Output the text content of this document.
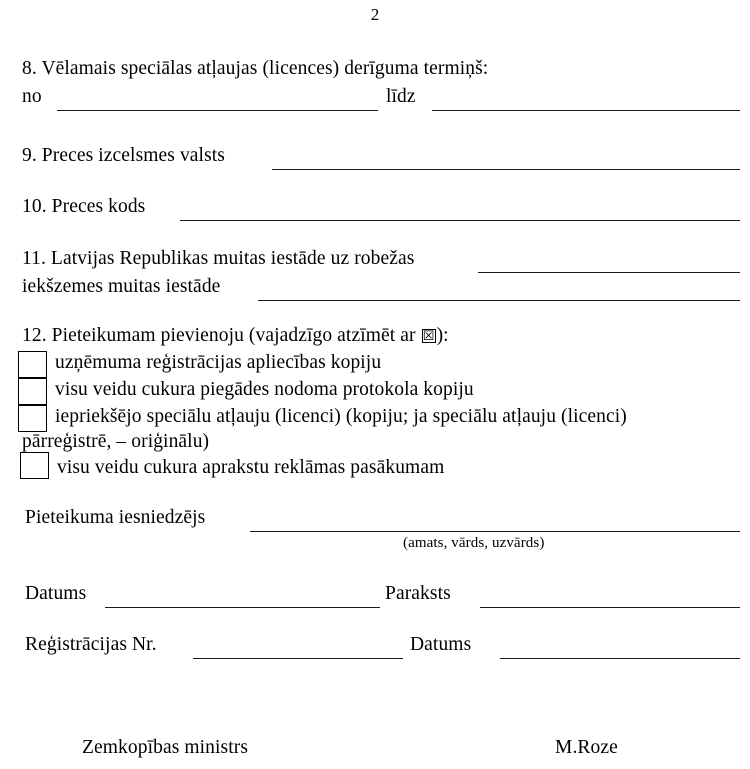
2
8. Vēlamais speciālas atļaujas (licences) derīguma termiņš:
no	līdz
9. Preces izcelsmes valsts
10. Preces kods
11. Latvijas Republikas muitas iestāde uz robežas
iekšzemes muitas iestāde
12. Pieteikumam pievienoju (vajadzīgo atzīmēt ar ☒ ):
uzņēmuma reģistrācijas apliecības kopiju
visu veidu cukura piegādes nodoma protokola kopiju
iepriekšējo speciālu atļauju (licenci) (kopiju; ja speciālu atļauju (licenci)
pārreģistrē, – oriģinālu)
visu veidu cukura aprakstu reklāmas pasākumam
Pieteikuma iesniedzējs
(amats, vārds, uzvārds)
Datums	Paraksts
Reģistrācijas Nr.	Datums
Zemkopības ministrs	M.Roze
